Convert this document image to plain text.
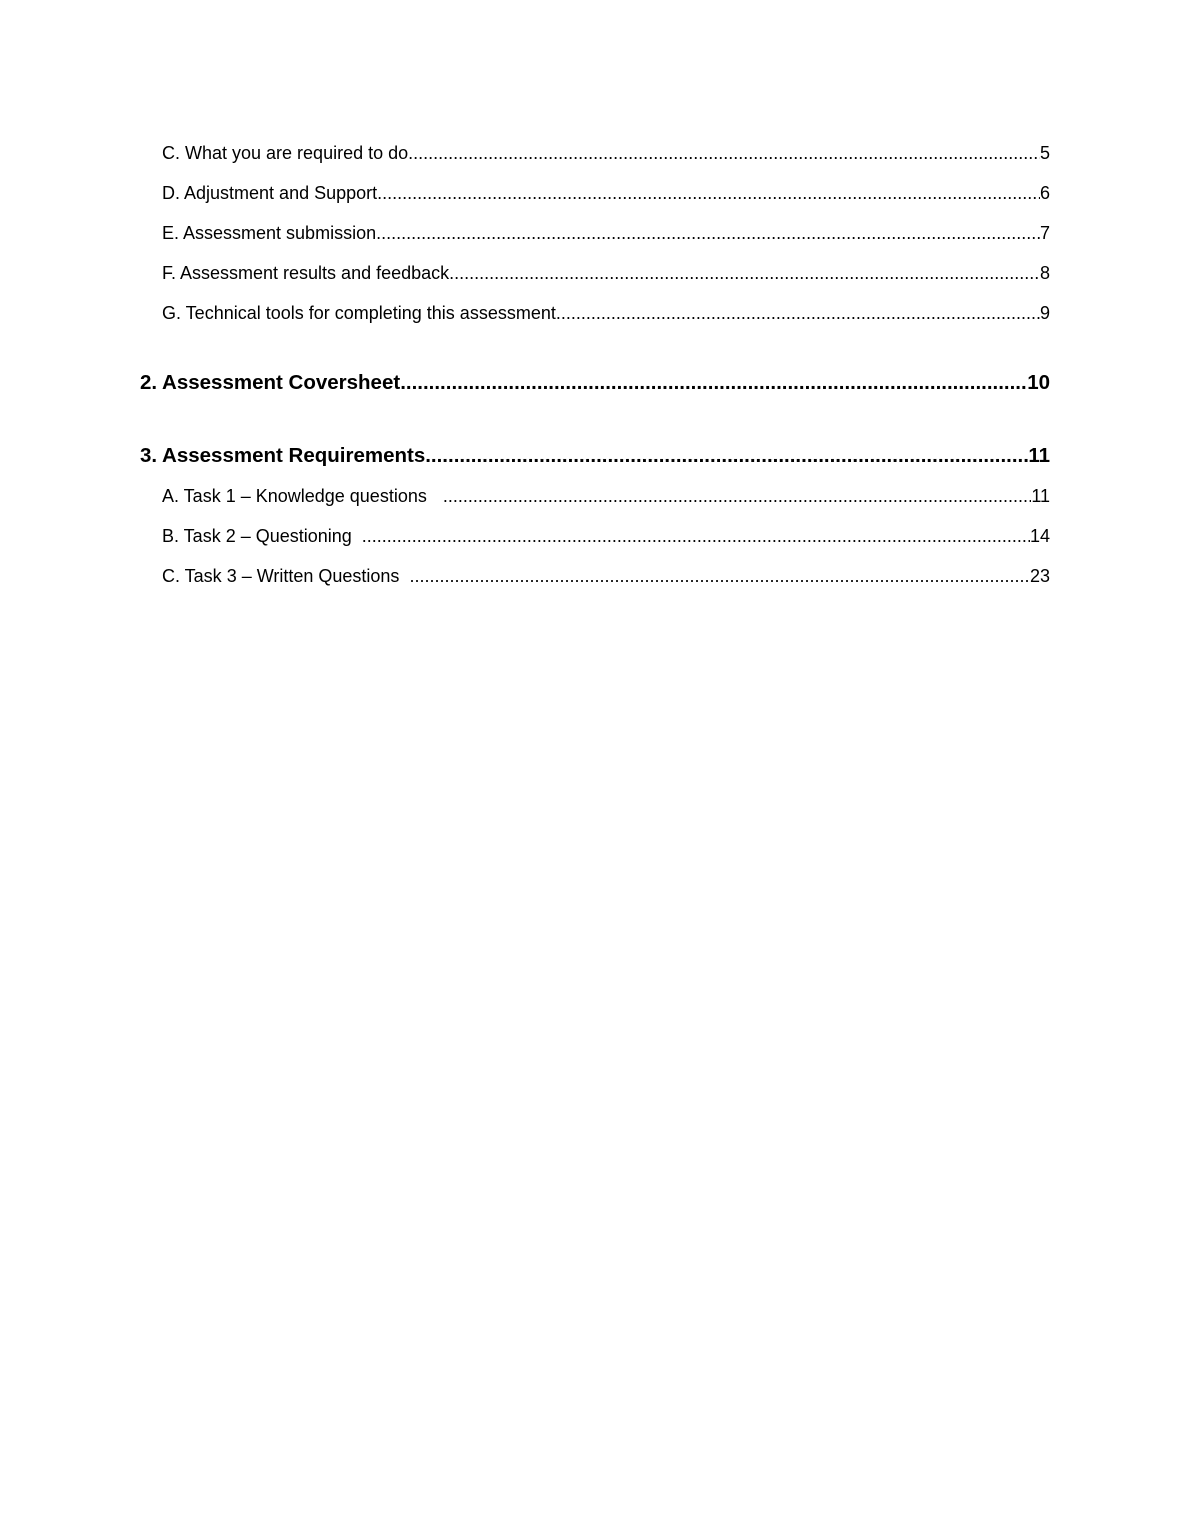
C. What you are required to do .....	5
D. Adjustment and Support .....	6
E. Assessment submission .....	7
F. Assessment results and feedback .....	8
G. Technical tools for completing this assessment .....	9
2. Assessment Coversheet .....	10
3. Assessment Requirements .....	11
A. Task 1 – Knowledge questions .....	11
B. Task 2 – Questioning .....	14
C. Task 3 – Written Questions .....	23
